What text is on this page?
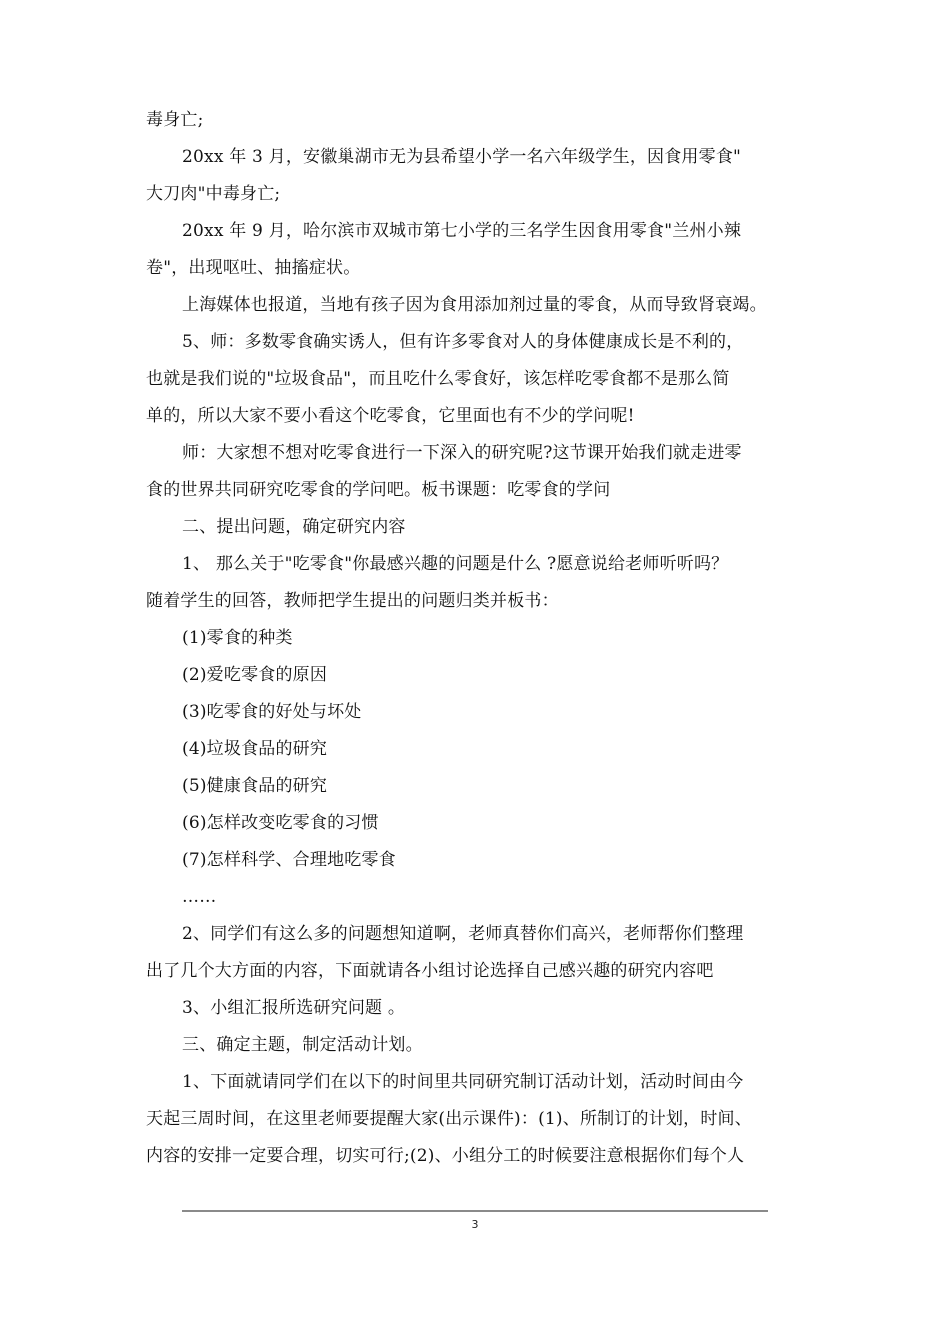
毒身亡;
20xx 年 3 月，安徽巢湖市无为县希望小学一名六年级学生，因食用零食"
大刀肉"中毒身亡;
20xx 年 9 月，哈尔滨市双城市第七小学的三名学生因食用零食"兰州小辣
卷"，出现呕吐、抽搐症状。
上海媒体也报道，当地有孩子因为食用添加剂过量的零食，从而导致肾衰竭。
5、师：多数零食确实诱人，但有许多零食对人的身体健康成长是不利的，
也就是我们说的"垃圾食品"，而且吃什么零食好，该怎样吃零食都不是那么简
单的，所以大家不要小看这个吃零食，它里面也有不少的学问呢!
师：大家想不想对吃零食进行一下深入的研究呢?这节课开始我们就走进零
食的世界共同研究吃零食的学问吧。板书课题：吃零食的学问
二、提出问题，确定研究内容
1、 那么关于"吃零食"你最感兴趣的问题是什么 ?愿意说给老师听听吗？
随着学生的回答，教师把学生提出的问题归类并板书：
(1)零食的种类
(2)爱吃零食的原因
(3)吃零食的好处与坏处
(4)垃圾食品的研究
(5)健康食品的研究
(6)怎样改变吃零食的习惯
(7)怎样科学、合理地吃零食
……
2、同学们有这么多的问题想知道啊，老师真替你们高兴，老师帮你们整理
出了几个大方面的内容，下面就请各小组讨论选择自己感兴趣的研究内容吧
3、小组汇报所选研究问题 。
三、确定主题，制定活动计划。
1、下面就请同学们在以下的时间里共同研究制订活动计划，活动时间由今
天起三周时间，在这里老师要提醒大家(出示课件)：(1)、所制订的计划，时间、
内容的安排一定要合理，切实可行;(2)、小组分工的时候要注意根据你们每个人
3
